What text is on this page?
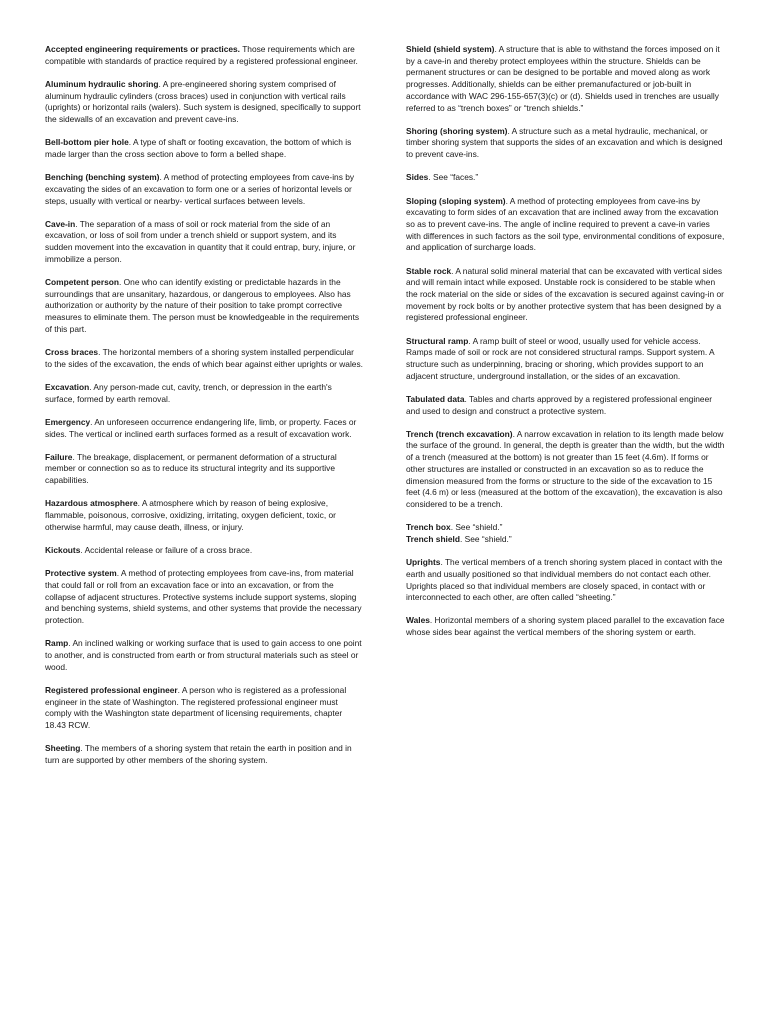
Accepted engineering requirements or practices. Those requirements which are compatible with standards of practice required by a registered professional engineer.

Aluminum hydraulic shoring. A pre-engineered shoring system comprised of aluminum hydraulic cylinders (cross braces) used in conjunction with vertical rails (uprights) or horizontal rails (walers). Such system is designed, specifically to support the sidewalls of an excavation and prevent cave-ins.

Bell-bottom pier hole. A type of shaft or footing excavation, the bottom of which is made larger than the cross section above to form a belled shape.

Benching (benching system). A method of protecting employees from cave-ins by excavating the sides of an excavation to form one or a series of horizontal levels or steps, usually with vertical or nearby- vertical surfaces between levels.

Cave-in. The separation of a mass of soil or rock material from the side of an excavation, or loss of soil from under a trench shield or support system, and its sudden movement into the excavation in quantity that it could entrap, bury, injure, or immobilize a person.

Competent person. One who can identify existing or predictable hazards in the surroundings that are unsanitary, hazardous, or dangerous to employees. Also has authorization or authority by the nature of their position to take prompt corrective measures to eliminate them. The person must be knowledgeable in the requirements of this part.

Cross braces. The horizontal members of a shoring system installed perpendicular to the sides of the excavation, the ends of which bear against either uprights or wales.

Excavation. Any person-made cut, cavity, trench, or depression in the earth's surface, formed by earth removal.

Emergency. An unforeseen occurrence endangering life, limb, or property. Faces or sides. The vertical or inclined earth surfaces formed as a result of excavation work.

Failure. The breakage, displacement, or permanent deformation of a structural member or connection so as to reduce its structural integrity and its supportive capabilities.

Hazardous atmosphere. A atmosphere which by reason of being explosive, flammable, poisonous, corrosive, oxidizing, irritating, oxygen deficient, toxic, or otherwise harmful, may cause death, illness, or injury.

Kickouts. Accidental release or failure of a cross brace.

Protective system. A method of protecting employees from cave-ins, from material that could fall or roll from an excavation face or into an excavation, or from the collapse of adjacent structures. Protective systems include support systems, sloping and benching systems, shield systems, and other systems that provide the necessary protection.

Ramp. An inclined walking or working surface that is used to gain access to one point to another, and is constructed from earth or from structural materials such as steel or wood.

Registered professional engineer. A person who is registered as a professional engineer in the state of Washington. The registered professional engineer must comply with the Washington state department of licensing requirements, chapter 18.43 RCW.

Sheeting. The members of a shoring system that retain the earth in position and in turn are supported by other members of the shoring system.

Shield (shield system). A structure that is able to withstand the forces imposed on it by a cave-in and thereby protect employees within the structure. Shields can be permanent structures or can be designed to be portable and moved along as work progresses. Additionally, shields can be either premanufactured or job-built in accordance with WAC 296-155-657(3)(c) or (d). Shields used in trenches are usually referred to as “trench boxes” or “trench shields.”

Shoring (shoring system). A structure such as a metal hydraulic, mechanical, or timber shoring system that supports the sides of an excavation and which is designed to prevent cave-ins.

Sides. See “faces.”

Sloping (sloping system). A method of protecting employees from cave-ins by excavating to form sides of an excavation that are inclined away from the excavation so as to prevent cave-ins. The angle of incline required to prevent a cave-in varies with differences in such factors as the soil type, environmental conditions of exposure, and application of surcharge loads.

Stable rock. A natural solid mineral material that can be excavated with vertical sides and will remain intact while exposed. Unstable rock is considered to be stable when the rock material on the side or sides of the excavation is secured against caving-in or movement by rock bolts or by another protective system that has been designed by a registered professional engineer.

Structural ramp. A ramp built of steel or wood, usually used for vehicle access. Ramps made of soil or rock are not considered structural ramps. Support system. A structure such as underpinning, bracing or shoring, which provides support to an adjacent structure, underground installation, or the sides of an excavation.

Tabulated data. Tables and charts approved by a registered professional engineer and used to design and construct a protective system.

Trench (trench excavation). A narrow excavation in relation to its length made below the surface of the ground. In general, the depth is greater than the width, but the width of a trench (measured at the bottom) is not greater than 15 feet (4.6m). If forms or other structures are installed or constructed in an excavation so as to reduce the dimension measured from the forms or structure to the side of the excavation to 15 feet (4.6 m) or less (measured at the bottom of the excavation), the excavation is also considered to be a trench.

Trench box. See “shield.”

Trench shield. See “shield.”

Uprights. The vertical members of a trench shoring system placed in contact with the earth and usually positioned so that individual members do not contact each other. Uprights placed so that individual members are closely spaced, in contact with or interconnected to each other, are often called “sheeting.”

Wales. Horizontal members of a shoring system placed parallel to the excavation face whose sides bear against the vertical members of the shoring system or earth.
